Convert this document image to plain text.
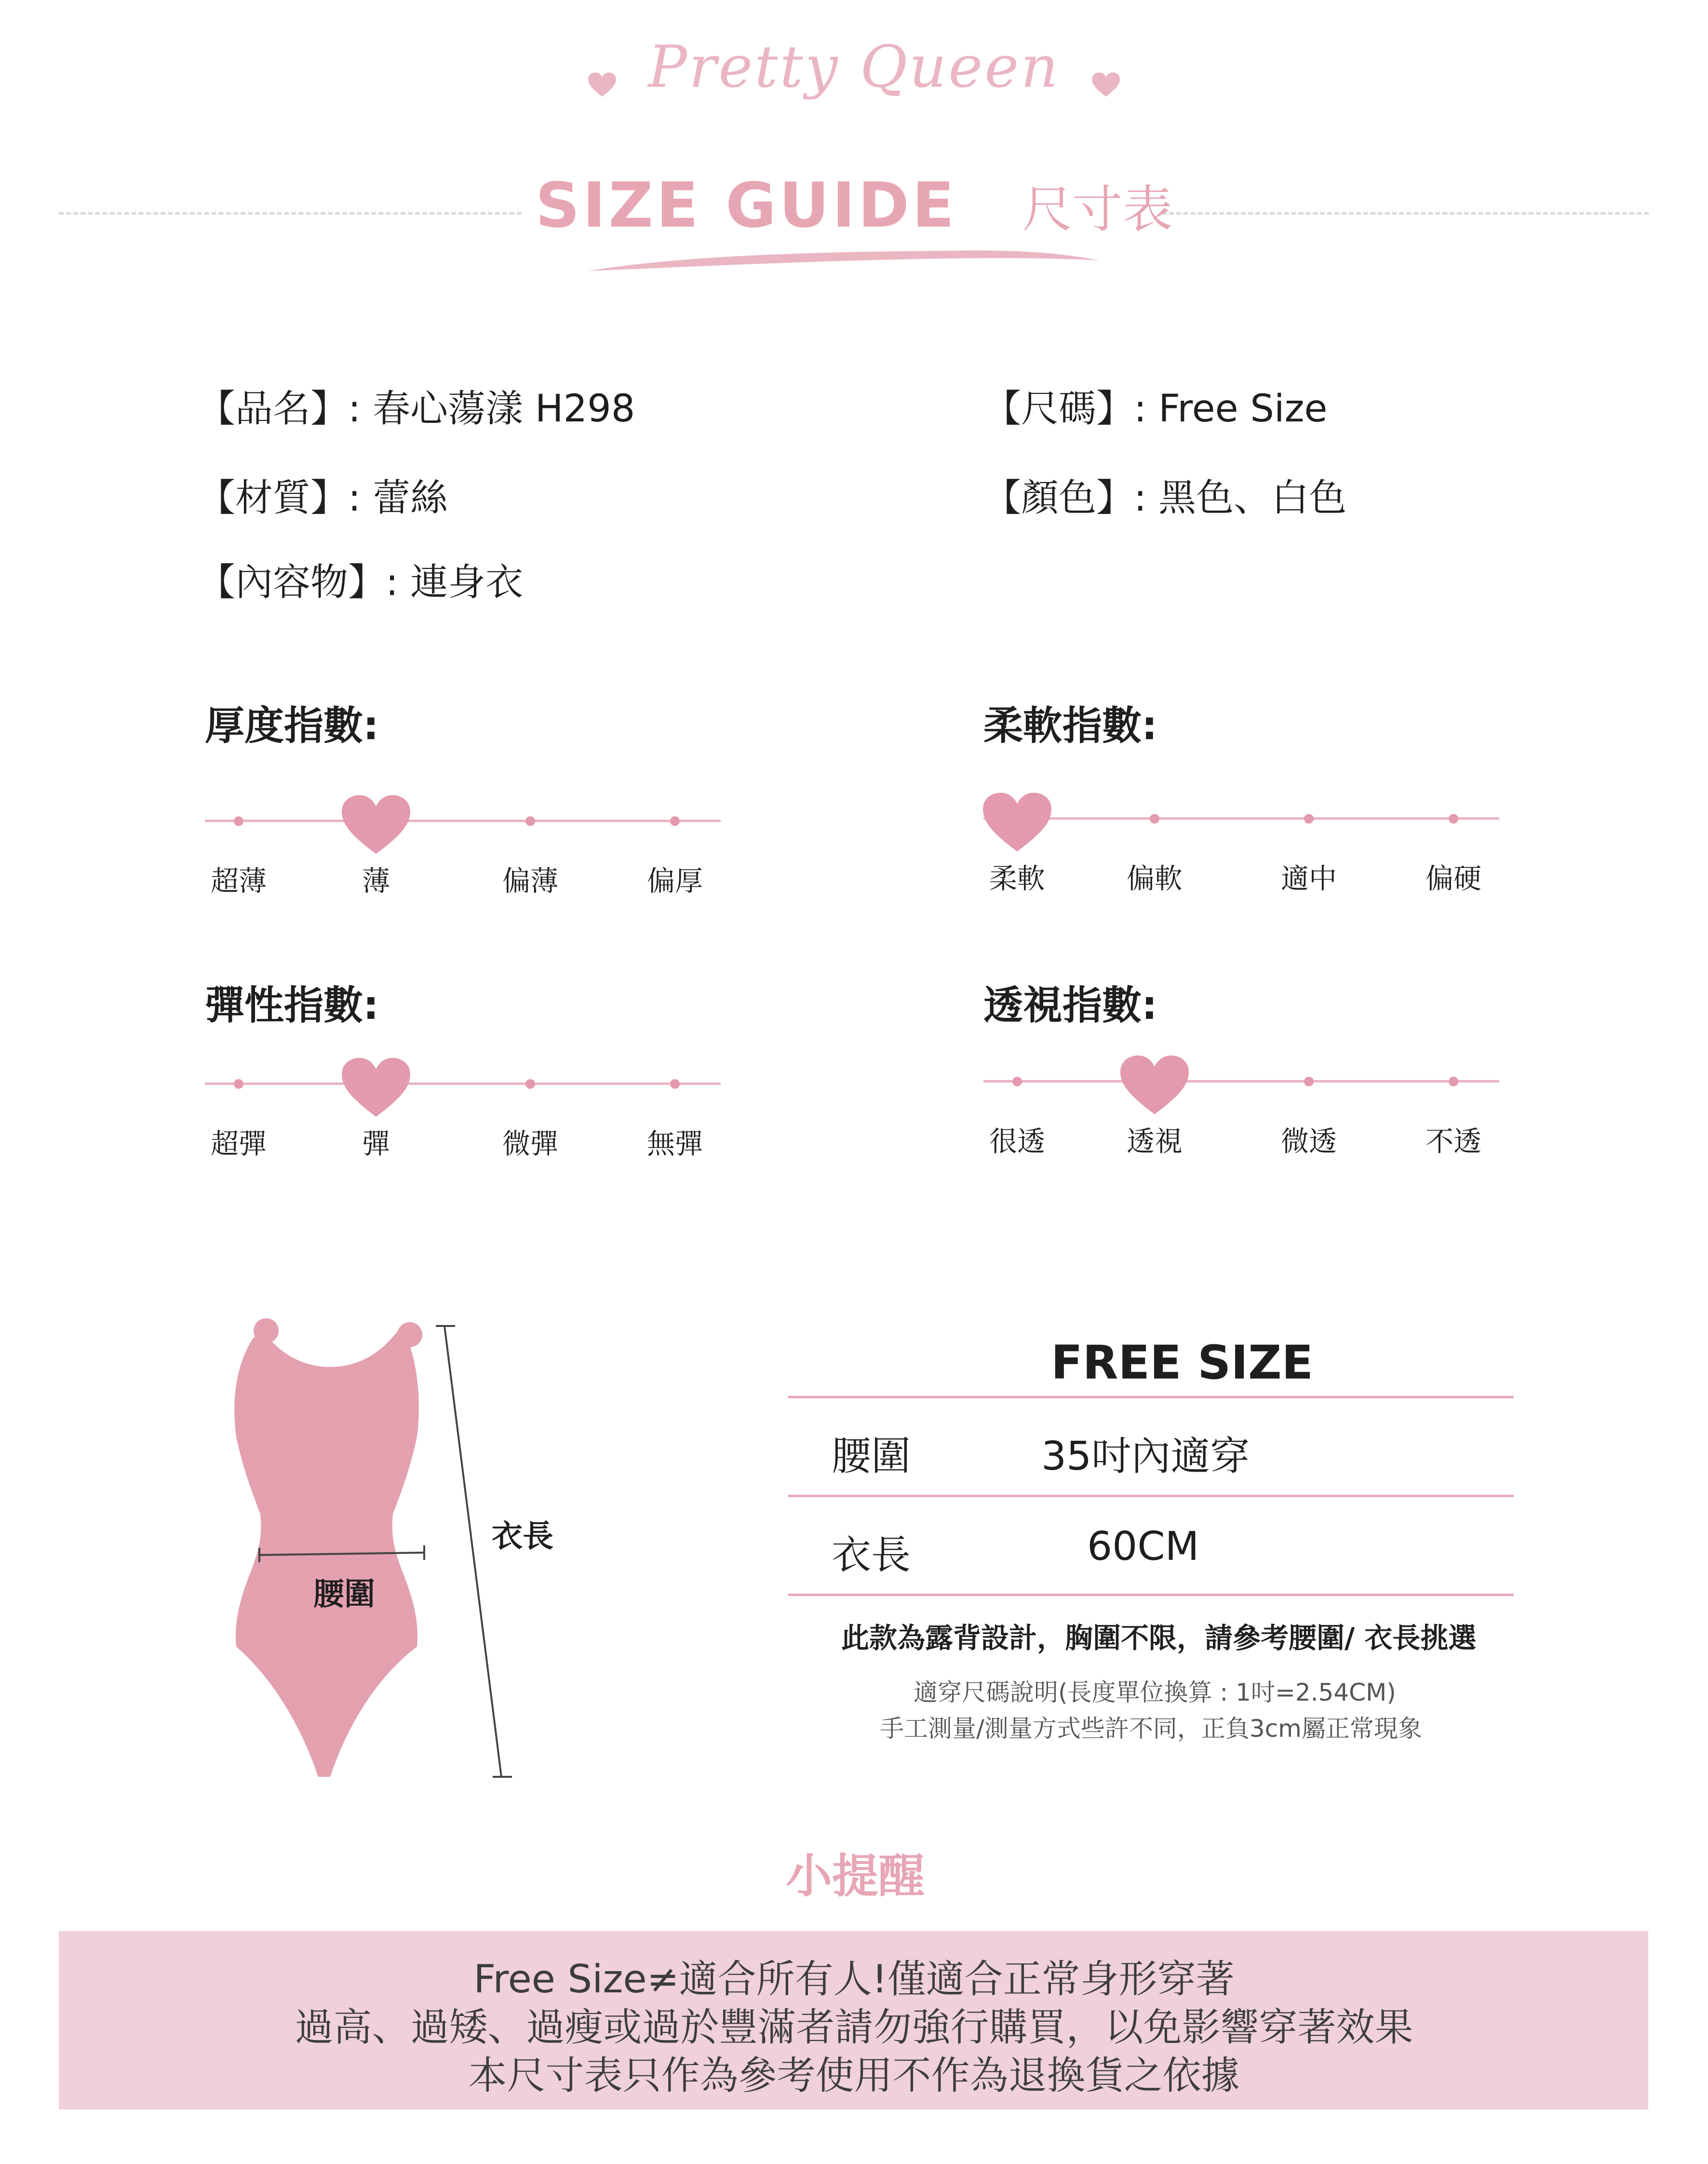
Pretty Queen
SIZE GUIDE 尺寸表
【品名】: 春心蕩漾 H298	【尺碼】: Free Size
【材質】: 蕾絲	【顏色】: 黑色、白色
【內容物】: 連身衣
厚度指數:
超薄	薄	偏薄	偏厚
柔軟指數:
柔軟	偏軟	適中	偏硬
彈性指數:
超彈	彈	微彈	無彈
透視指數:
很透	透視	微透	不透
腰圍
衣長
FREE SIZE
腰圍	35吋內適穿
衣長	60CM
此款為露背設計，胸圍不限，請參考腰圍/ 衣長挑選
適穿尺碼說明(長度單位換算 : 1吋=2.54CM)
手工測量/測量方式些許不同，正負3cm屬正常現象
小提醒
Free Size≠適合所有人!僅適合正常身形穿著
過高、過矮、過瘦或過於豐滿者請勿強行購買，以免影響穿著效果
本尺寸表只作為參考使用不作為退換貨之依據
